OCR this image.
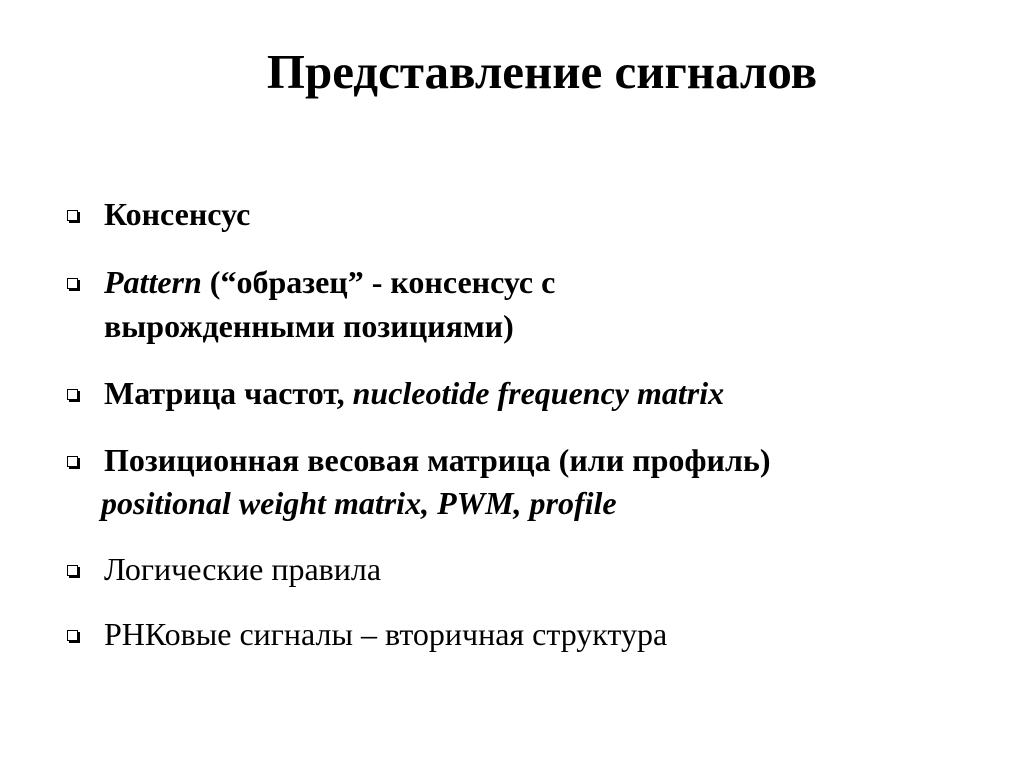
Представление сигналов
Консенсус
Pattern (“образец” - консенсус с
вырожденными позициями)
Матрица частот, nucleotide frequency matrix
Позиционная весовая матрица (или профиль)
positional weight matrix, PWM, profile
Логические правила
РНКовые сигналы – вторичная структура
